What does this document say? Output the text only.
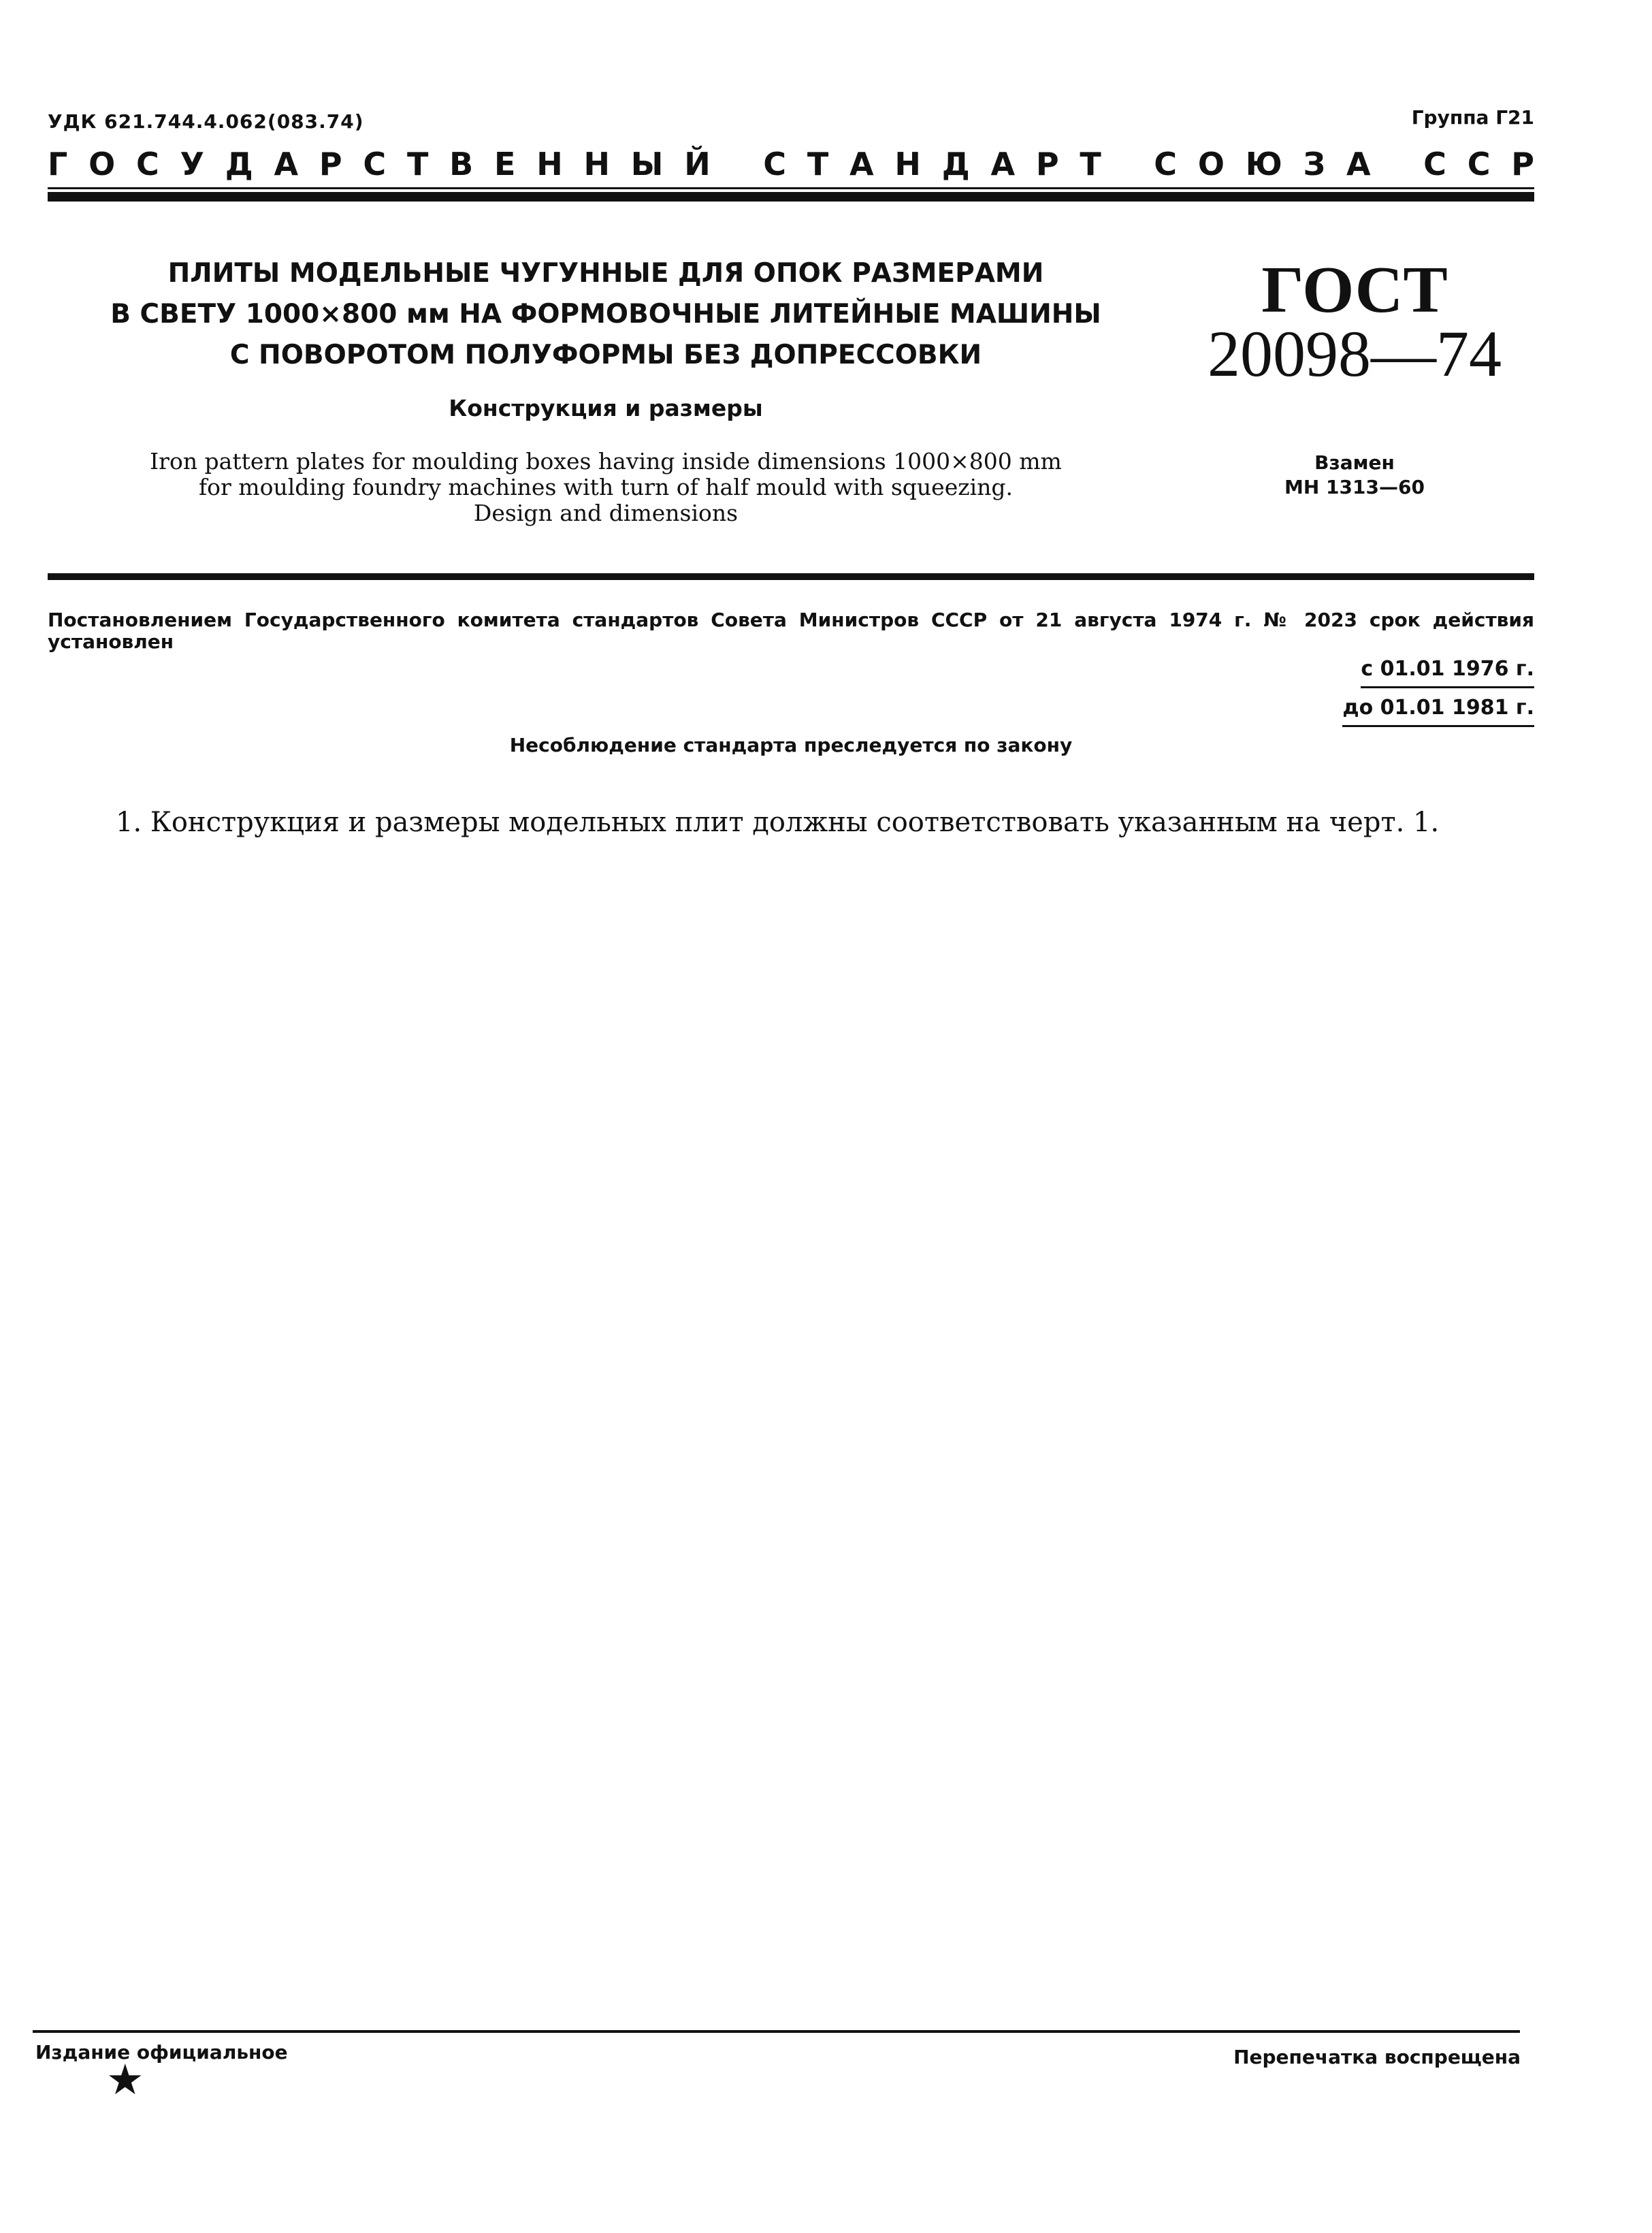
УДК 621.744.4.062(083.74)	Группа Г21
Г О С У Д А Р С Т В Е Н Н Ы Й
С Т А Н Д А Р Т
С О Ю З А
С С Р
ПЛИТЫ МОДЕЛЬНЫЕ ЧУГУННЫЕ ДЛЯ ОПОК РАЗМЕРАМИ
В СВЕТУ 1000×800 мм НА ФОРМОВОЧНЫЕ ЛИТЕЙНЫЕ МАШИНЫ
С ПОВОРОТОМ ПОЛУФОРМЫ БЕЗ ДОПРЕССОВКИ
Конструкция и размеры
Iron pattern plates for moulding boxes having inside dimensions 1000×800 mm
for moulding foundry machines with turn of half mould with squeezing.
Design and dimensions
ГОСТ
20098—74
Взамен
МН 1313—60
Постановлением Государственного комитета стандартов Совета Министров СССР от 21 августа 1974 г. № 2023 срок действия установлен
с 01.01 1976 г.
до 01.01 1981 г.
Несоблюдение стандарта преследуется по закону
1. Конструкция и размеры модельных плит должны соответствовать указанным на черт. 1.
Издание официальное
★	Перепечатка воспрещена
